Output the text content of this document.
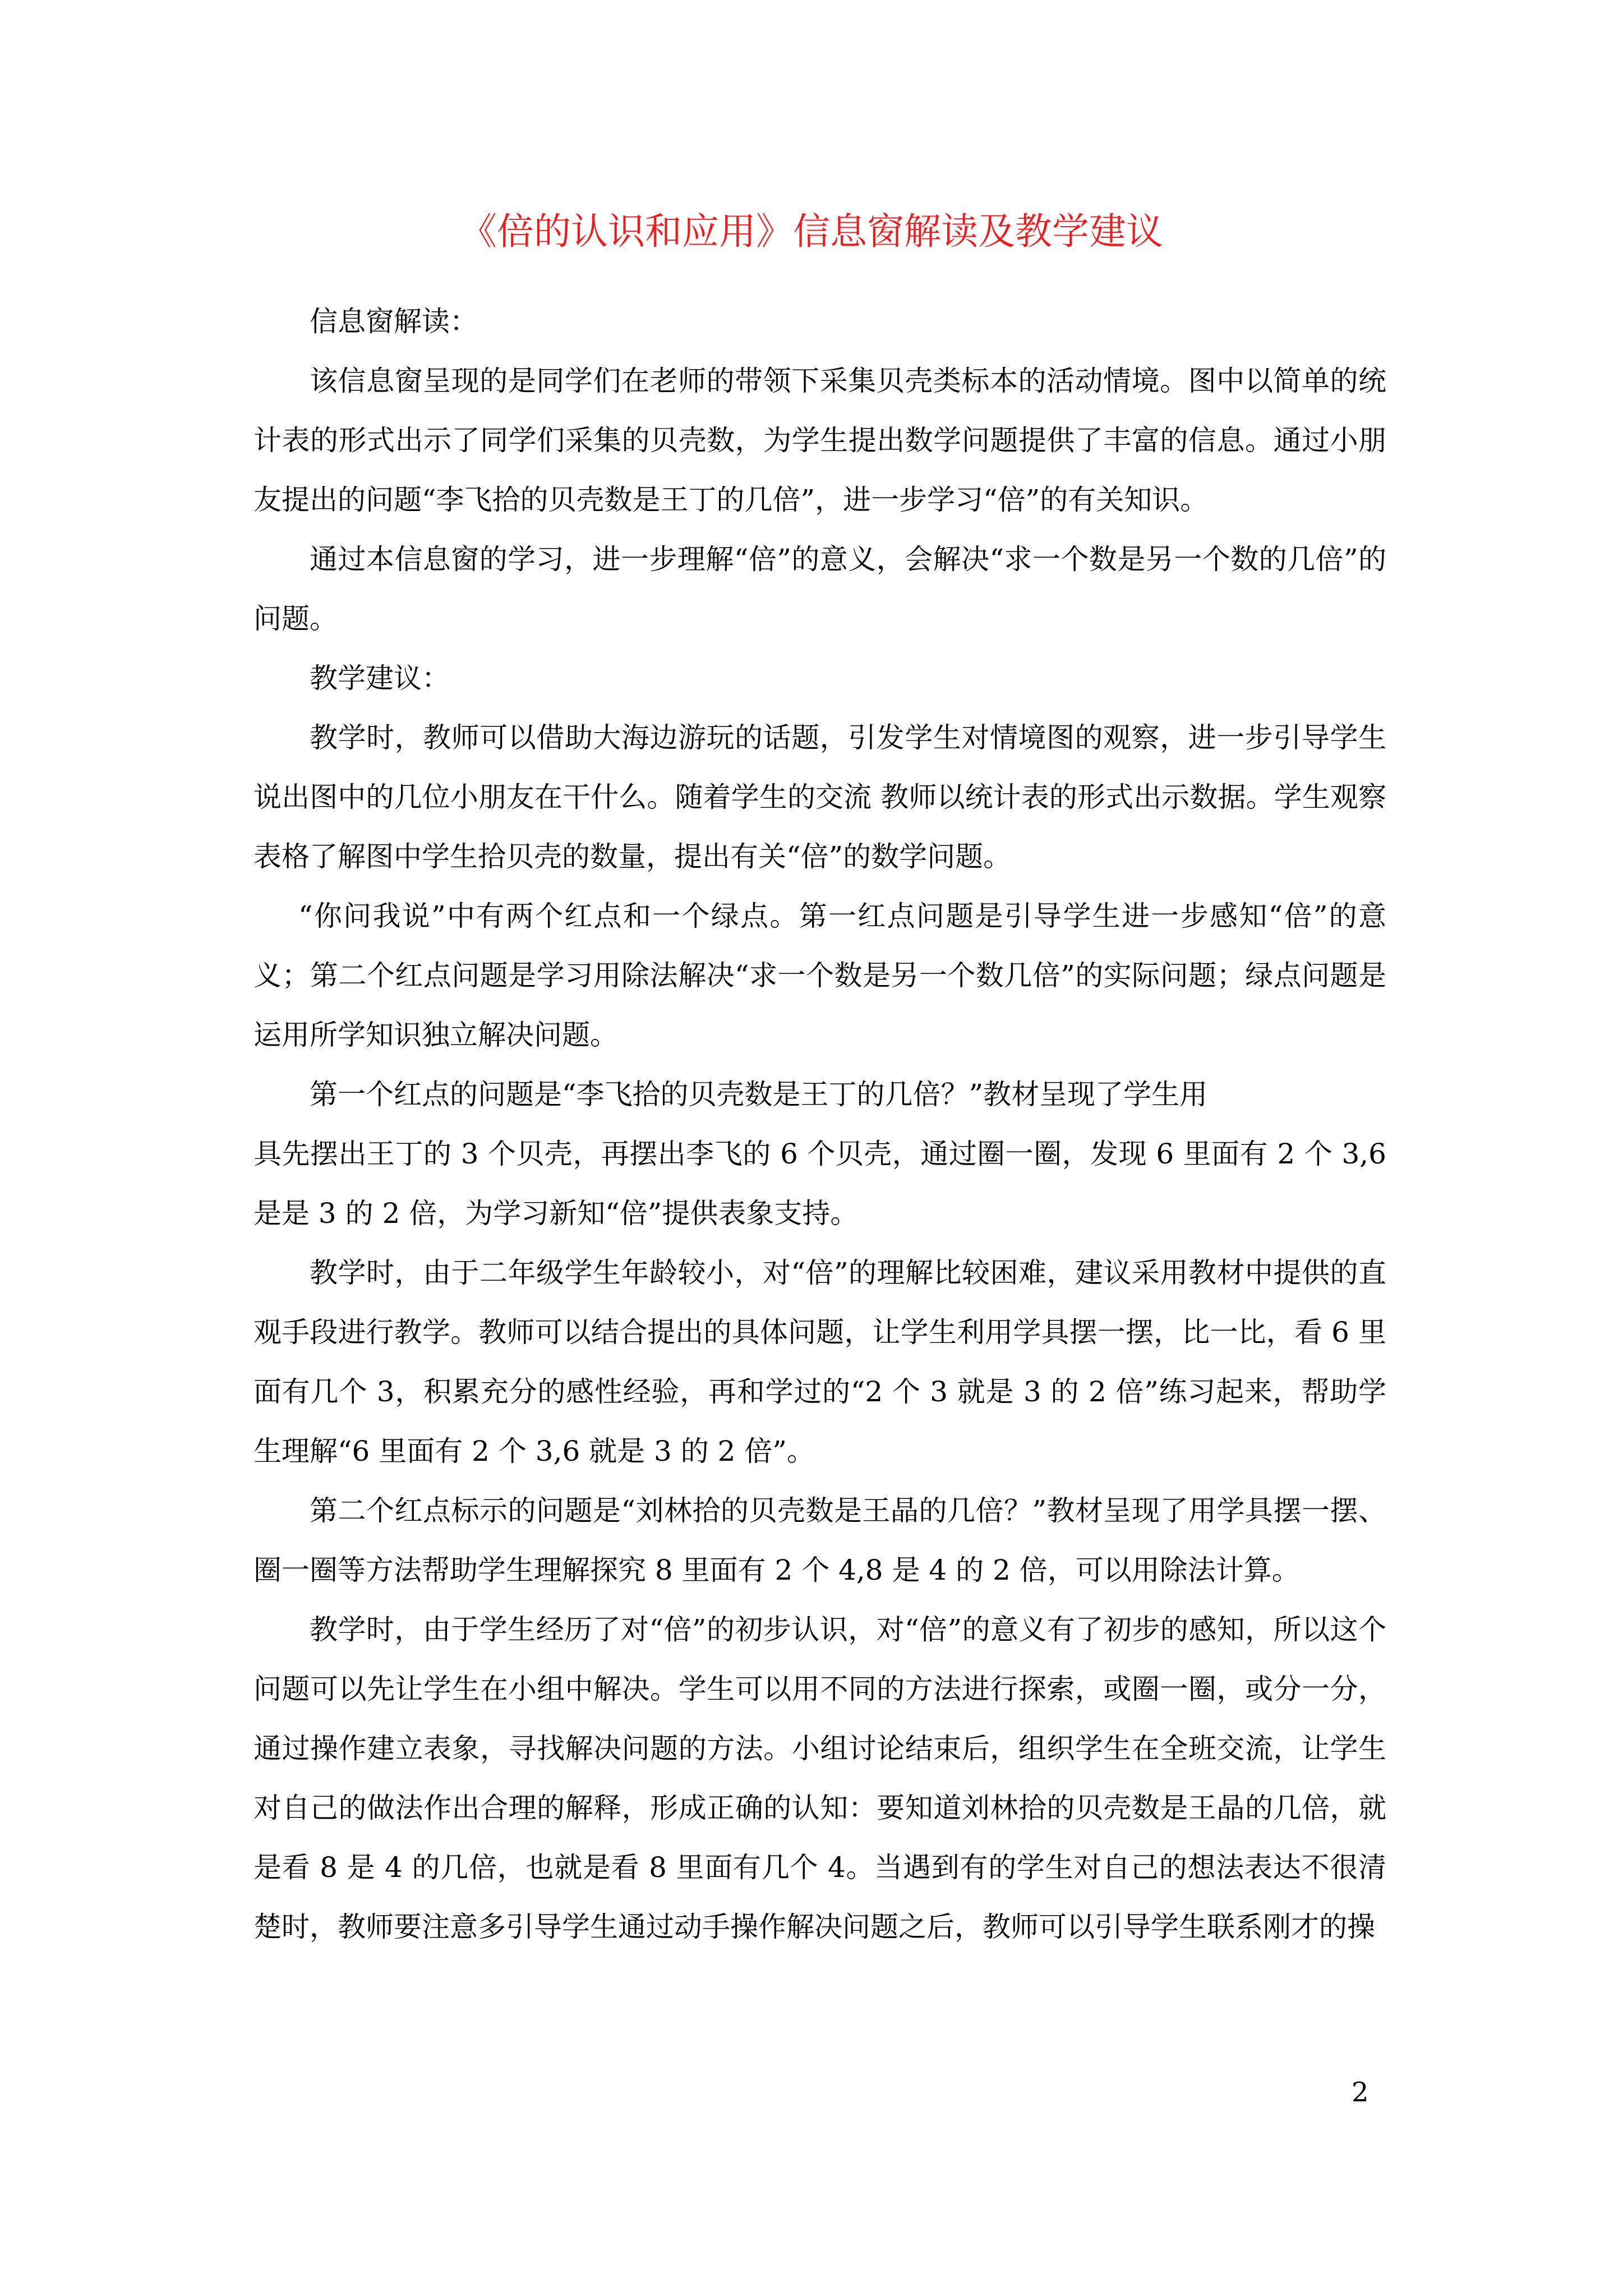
《倍的认识和应用》信息窗解读及教学建议

信息窗解读：

该信息窗呈现的是同学们在老师的带领下采集贝壳类标本的活动情境。图中以简单的统计表的形式出示了同学们采集的贝壳数，为学生提出数学问题提供了丰富的信息。通过小朋友提出的问题“李飞拾的贝壳数是王丁的几倍”，进一步学习“倍”的有关知识。

通过本信息窗的学习，进一步理解“倍”的意义，会解决“求一个数是另一个数的几倍”的问题。

教学建议：

教学时，教师可以借助大海边游玩的话题，引发学生对情境图的观察，进一步引导学生说出图中的几位小朋友在干什么。随着学生的交流 教师以统计表的形式出示数据。学生观察表格了解图中学生拾贝壳的数量，提出有关“倍”的数学问题。

“你问我说”中有两个红点和一个绿点。第一红点问题是引导学生进一步感知“倍”的意义；第二个红点问题是学习用除法解决“求一个数是另一个数几倍”的实际问题；绿点问题是运用所学知识独立解决问题。

第一个红点的问题是“李飞拾的贝壳数是王丁的几倍？”教材呈现了学生用

具先摆出王丁的 3 个贝壳，再摆出李飞的 6 个贝壳，通过圈一圈，发现 6 里面有 2 个 3,6 是是 3 的 2 倍，为学习新知“倍”提供表象支持。

教学时，由于二年级学生年龄较小，对“倍”的理解比较困难，建议采用教材中提供的直观手段进行教学。教师可以结合提出的具体问题，让学生利用学具摆一摆，比一比，看 6 里面有几个 3，积累充分的感性经验，再和学过的“2 个 3 就是 3 的 2 倍”练习起来，帮助学生理解“6 里面有 2 个 3,6 就是 3 的 2 倍”。

第二个红点标示的问题是“刘林拾的贝壳数是王晶的几倍？”教材呈现了用学具摆一摆、圈一圈等方法帮助学生理解探究 8 里面有 2 个 4,8 是 4 的 2 倍，可以用除法计算。

教学时，由于学生经历了对“倍”的初步认识，对“倍”的意义有了初步的感知，所以这个问题可以先让学生在小组中解决。学生可以用不同的方法进行探索，或圈一圈，或分一分，通过操作建立表象，寻找解决问题的方法。小组讨论结束后，组织学生在全班交流，让学生对自己的做法作出合理的解释，形成正确的认知：要知道刘林拾的贝壳数是王晶的几倍，就是看 8 是 4 的几倍，也就是看 8 里面有几个 4。当遇到有的学生对自己的想法表达不很清楚时，教师要注意多引导学生通过动手操作解决问题之后，教师可以引导学生联系刚才的操

2
